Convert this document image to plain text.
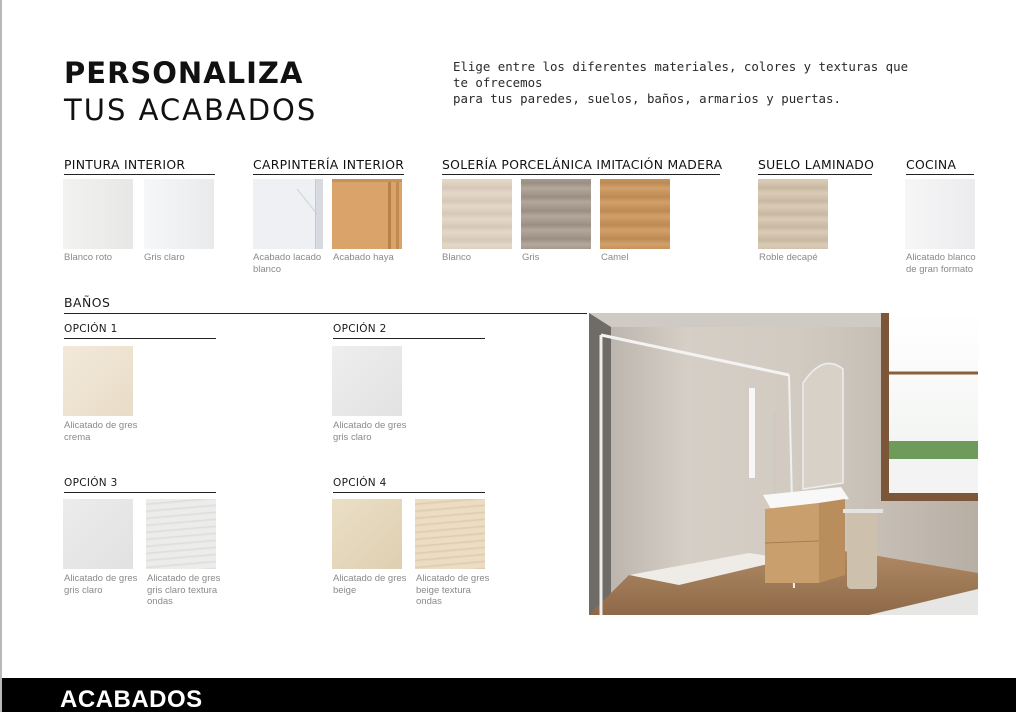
PERSONALIZA
TUS ACABADOS
Elige entre los diferentes materiales, colores y texturas que te ofrecemos
para tus paredes, suelos, baños, armarios y puertas.
PINTURA INTERIOR
Blanco roto	Gris claro
CARPINTERÍA INTERIOR
Acabado lacado blanco
Acabado haya
SOLERÍA PORCELÁNICA IMITACIÓN MADERA
Blanco	Gris	Camel
SUELO LAMINADO
Roble decapé
COCINA
Alicatado blanco de gran formato
BAÑOS
OPCIÓN 1
Alicatado de gres crema
OPCIÓN 2
Alicatado de gres gris claro
OPCIÓN 3
Alicatado de gres gris claro
Alicatado de gres gris claro textura ondas
OPCIÓN 4
Alicatado de gres beige
Alicatado de gres beige textura ondas
ACABADOS
